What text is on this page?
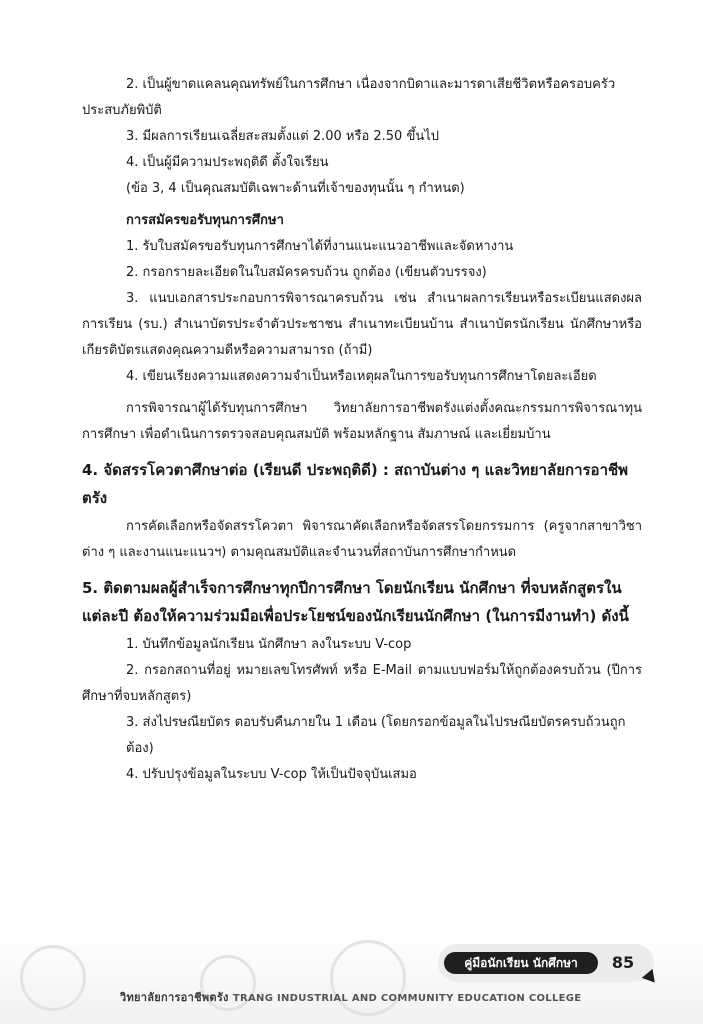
2. เป็นผู้ขาดแคลนคุณทรัพย์ในการศึกษา เนื่องจากบิดาและมารดาเสียชีวิตหรือครอบครัว

ประสบภัยพิบัติ

3. มีผลการเรียนเฉลี่ยสะสมตั้งแต่ 2.00 หรือ 2.50 ขึ้นไป

4. เป็นผู้มีความประพฤติดี ตั้งใจเรียน

(ข้อ 3, 4 เป็นคุณสมบัติเฉพาะด้านที่เจ้าของทุนนั้น ๆ กำหนด)

การสมัครขอรับทุนการศึกษา

1. รับใบสมัครขอรับทุนการศึกษาได้ที่งานแนะแนวอาชีพและจัดหางาน

2. กรอกรายละเอียดในใบสมัครครบถ้วน ถูกต้อง (เขียนตัวบรรจง)

3. แนบเอกสารประกอบการพิจารณาครบถ้วน เช่น สำเนาผลการเรียนหรือระเบียนแสดงผลการเรียน (รบ.) สำเนาบัตรประจำตัวประชาชน สำเนาทะเบียนบ้าน สำเนาบัตรนักเรียน นักศึกษาหรือเกียรติบัตรแสดงคุณความดีหรือความสามารถ (ถ้ามี)

4. เขียนเรียงความแสดงความจำเป็นหรือเหตุผลในการขอรับทุนการศึกษาโดยละเอียด

การพิจารณาผู้ได้รับทุนการศึกษา วิทยาลัยการอาชีพตรังแต่งตั้งคณะกรรมการพิจารณาทุนการศึกษา เพื่อดำเนินการตรวจสอบคุณสมบัติ พร้อมหลักฐาน สัมภาษณ์ และเยี่ยมบ้าน

4. จัดสรรโควตาศึกษาต่อ (เรียนดี ประพฤติดี) : สถาบันต่าง ๆ และวิทยาลัยการอาชีพตรัง

การคัดเลือกหรือจัดสรรโควตา พิจารณาคัดเลือกหรือจัดสรรโดยกรรมการ (ครูจากสาขาวิชาต่าง ๆ และงานแนะแนวฯ) ตามคุณสมบัติและจำนวนที่สถาบันการศึกษากำหนด

5. ติดตามผลผู้สำเร็จการศึกษาทุกปีการศึกษา โดยนักเรียน นักศึกษา ที่จบหลักสูตรในแต่ละปี ต้องให้ความร่วมมือเพื่อประโยชน์ของนักเรียนนักศึกษา (ในการมีงานทำ) ดังนี้

1. บันทึกข้อมูลนักเรียน นักศึกษา ลงในระบบ V-cop

2. กรอกสถานที่อยู่ หมายเลขโทรศัพท์ หรือ E-Mail ตามแบบฟอร์มให้ถูกต้องครบถ้วน (ปีการศึกษาที่จบหลักสูตร)

3. ส่งไปรษณียบัตร ตอบรับคืนภายใน 1 เดือน (โดยกรอกข้อมูลในไปรษณียบัตรครบถ้วนถูกต้อง)

4. ปรับปรุงข้อมูลในระบบ V-cop ให้เป็นปัจจุบันเสมอ

คู่มือนักเรียน นักศึกษา	85
วิทยาลัยการอาชีพตรัง TRANG INDUSTRIAL AND COMMUNITY EDUCATION COLLEGE
